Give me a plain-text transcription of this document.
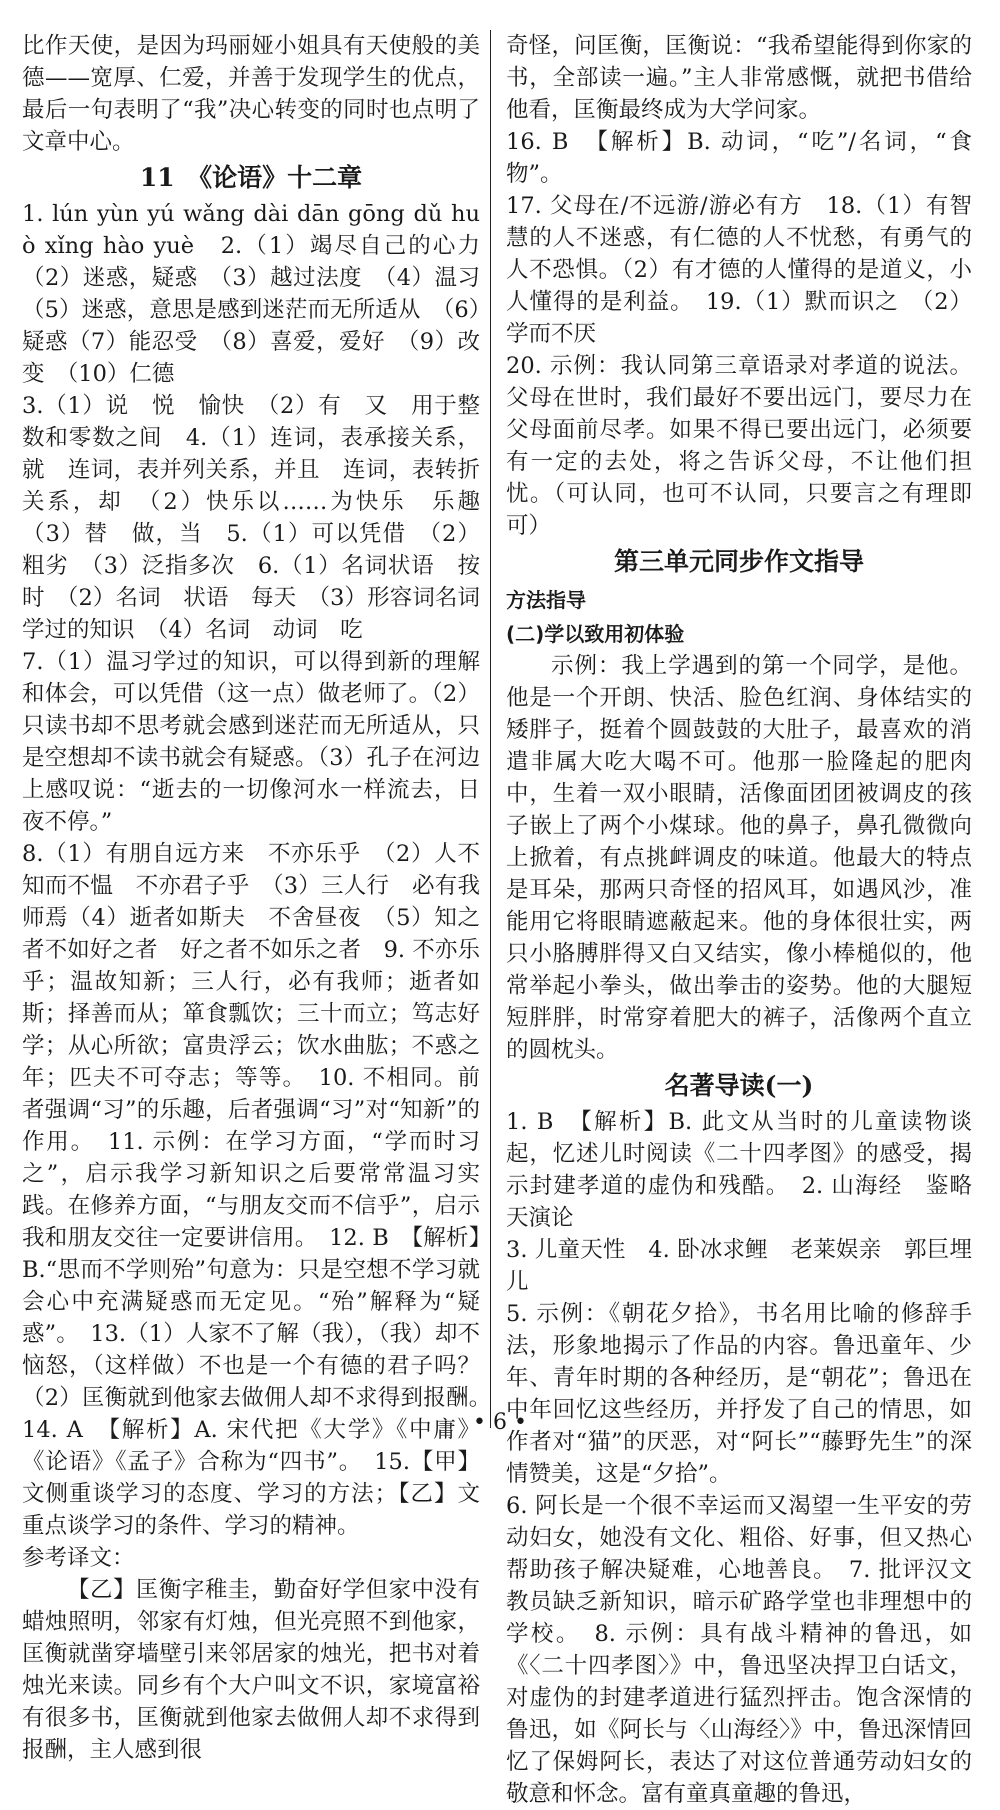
比作天使，是因为玛丽娅小姐具有天使般的美德——宽厚、仁爱，并善于发现学生的优点，最后一句表明了“我”决心转变的同时也点明了文章中心。

11　《论语》十二章

1. lún yùn yú wǎng dài dān gōng dǔ huò xǐng hào yuè　2.（1）竭尽自己的心力（2）迷惑，疑惑　（3）越过法度　（4）温习　（5）迷惑，意思是感到迷茫而无所适从　（6）疑惑（7）能忍受　（8）喜爱，爱好　（9）改变　（10）仁德

3.（1）说　悦　愉快　（2）有　又　用于整数和零数之间　4.（1）连词，表承接关系，就　连词，表并列关系，并且　连词，表转折关系，却　（2）快乐以……为快乐　乐趣　（3）替　做，当　5.（1）可以凭借　（2）粗劣　（3）泛指多次　6.（1）名词状语　按时　（2）名词　状语　每天　（3）形容词名词　学过的知识　（4）名词　动词　吃

7.（1）温习学过的知识，可以得到新的理解和体会，可以凭借（这一点）做老师了。（2）只读书却不思考就会感到迷茫而无所适从，只是空想却不读书就会有疑惑。（3）孔子在河边上感叹说：“逝去的一切像河水一样流去，日夜不停。”

8.（1）有朋自远方来　不亦乐乎　（2）人不知而不愠　不亦君子乎　（3）三人行　必有我师焉（4）逝者如斯夫　不舍昼夜　（5）知之者不如好之者　好之者不如乐之者　9. 不亦乐乎；温故知新；三人行，必有我师；逝者如斯；择善而从；箪食瓢饮；三十而立；笃志好学；从心所欲；富贵浮云；饮水曲肱；不惑之年；匹夫不可夺志；等等。　10. 不相同。前者强调“习”的乐趣，后者强调“习”对“知新”的作用。　11. 示例：在学习方面，“学而时习之”，启示我学习新知识之后要常常温习实践。在修养方面，“与朋友交而不信乎”，启示我和朋友交往一定要讲信用。　12. B　【解析】B.“思而不学则殆”句意为：只是空想不学习就会心中充满疑惑而无定见。“殆”解释为“疑惑”。　13.（1）人家不了解（我），（我）却不恼怒，（这样做）不也是一个有德的君子吗？（2）匡衡就到他家去做佣人却不求得到报酬。　14. A　【解析】A. 宋代把《大学》《中庸》《论语》《孟子》合称为“四书”。　15.【甲】文侧重谈学习的态度、学习的方法；【乙】文重点谈学习的条件、学习的精神。

参考译文：

【乙】匡衡字稚圭，勤奋好学但家中没有蜡烛照明，邻家有灯烛，但光亮照不到他家，匡衡就凿穿墙壁引来邻居家的烛光，把书对着烛光来读。同乡有个大户叫文不识，家境富裕有很多书，匡衡就到他家去做佣人却不求得到报酬，主人感到很

奇怪，问匡衡，匡衡说：“我希望能得到你家的书，全部读一遍。”主人非常感慨，就把书借给他看，匡衡最终成为大学问家。

16. B　【解析】B. 动词，“吃”/名词，“食物”。

17. 父母在/不远游/游必有方　18.（1）有智慧的人不迷惑，有仁德的人不忧愁，有勇气的人不恐惧。（2）有才德的人懂得的是道义，小人懂得的是利益。　19.（1）默而识之　（2）学而不厌

20. 示例：我认同第三章语录对孝道的说法。父母在世时，我们最好不要出远门，要尽力在父母面前尽孝。如果不得已要出远门，必须要有一定的去处，将之告诉父母，不让他们担忧。（可认同，也可不认同，只要言之有理即可）

第三单元同步作文指导
方法指导
(二)学以致用初体验

示例：我上学遇到的第一个同学，是他。他是一个开朗、快活、脸色红润、身体结实的矮胖子，挺着个圆鼓鼓的大肚子，最喜欢的消遣非属大吃大喝不可。他那一脸隆起的肥肉中，生着一双小眼睛，活像面团团被调皮的孩子嵌上了两个小煤球。他的鼻子，鼻孔微微向上掀着，有点挑衅调皮的味道。他最大的特点是耳朵，那两只奇怪的招风耳，如遇风沙，准能用它将眼睛遮蔽起来。他的身体很壮实，两只小胳膊胖得又白又结实，像小棒槌似的，他常举起小拳头，做出拳击的姿势。他的大腿短短胖胖，时常穿着肥大的裤子，活像两个直立的圆枕头。

名著导读(一)

1. B　【解析】B. 此文从当时的儿童读物谈起，忆述儿时阅读《二十四孝图》的感受，揭示封建孝道的虚伪和残酷。　2. 山海经　鉴略　天演论

3. 儿童天性　4. 卧冰求鲤　老莱娱亲　郭巨埋儿

5. 示例：《朝花夕拾》，书名用比喻的修辞手法，形象地揭示了作品的内容。鲁迅童年、少年、青年时期的各种经历，是“朝花”；鲁迅在中年回忆这些经历，并抒发了自己的情思，如作者对“猫”的厌恶，对“阿长”“藤野先生”的深情赞美，这是“夕拾”。

6. 阿长是一个很不幸运而又渴望一生平安的劳动妇女，她没有文化、粗俗、好事，但又热心帮助孩子解决疑难，心地善良。　7. 批评汉文教员缺乏新知识，暗示矿路学堂也非理想中的学校。　8. 示例：具有战斗精神的鲁迅，如《〈二十四孝图〉》中，鲁迅坚决捍卫白话文，对虚伪的封建孝道进行猛烈抨击。饱含深情的鲁迅，如《阿长与〈山海经〉》中，鲁迅深情回忆了保姆阿长，表达了对这位普通劳动妇女的敬意和怀念。富有童真童趣的鲁迅，

• 6 •
